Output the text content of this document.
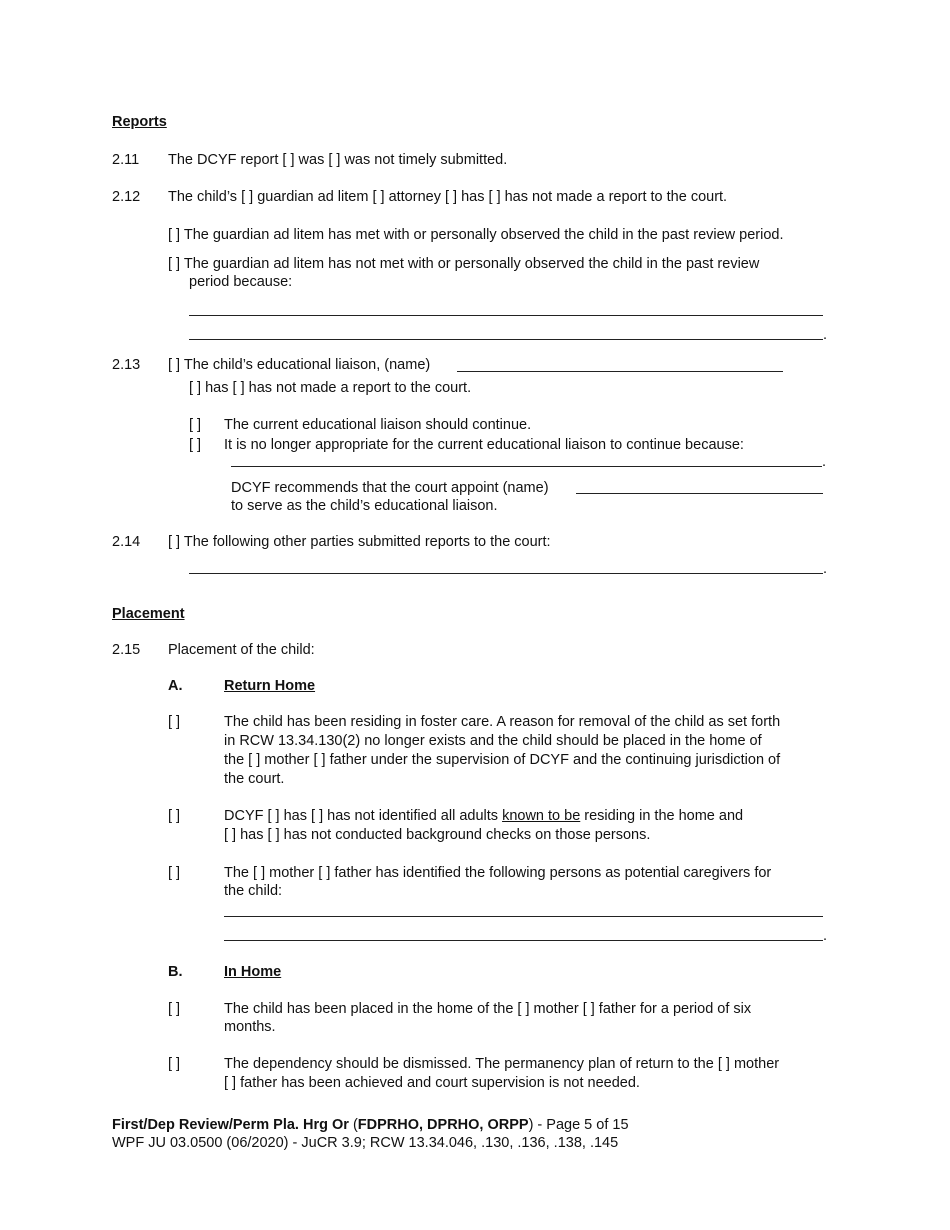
Reports
2.11 The DCYF report [ ] was [ ] was not timely submitted.
2.12 The child’s [ ] guardian ad litem [ ] attorney [ ] has [ ] has not made a report to the court.
[ ] The guardian ad litem has met with or personally observed the child in the past review period.
[ ] The guardian ad litem has not met with or personally observed the child in the past review
period because:
.
2.13 [ ] The child’s educational liaison, (name)
[ ] has [ ] has not made a report to the court.
[ ] The current educational liaison should continue.
[ ] It is no longer appropriate for the current educational liaison to continue because:
.
DCYF recommends that the court appoint (name)
to serve as the child’s educational liaison.
2.14 [ ] The following other parties submitted reports to the court:
.
Placement
2.15 Placement of the child:
A.	Return Home
[ ]	The child has been residing in foster care. A reason for removal of the child as set forth
in RCW 13.34.130(2) no longer exists and the child should be placed in the home of
the [ ] mother [ ] father under the supervision of DCYF and the continuing jurisdiction of
the court.
[ ]	DCYF [ ] has [ ] has not identified all adults known to be residing in the home and
[ ] has [ ] has not conducted background checks on those persons.
[ ]	The [ ] mother [ ] father has identified the following persons as potential caregivers for
the child:
.
B.	In Home
[ ]	The child has been placed in the home of the [ ] mother [ ] father for a period of six
months.
[ ]	The dependency should be dismissed. The permanency plan of return to the [ ] mother
[ ] father has been achieved and court supervision is not needed.
First/Dep Review/Perm Pla. Hrg Or (FDPRHO, DPRHO, ORPP) - Page 5 of 15
WPF JU 03.0500 (06/2020) - JuCR 3.9; RCW 13.34.046, .130, .136, .138, .145
